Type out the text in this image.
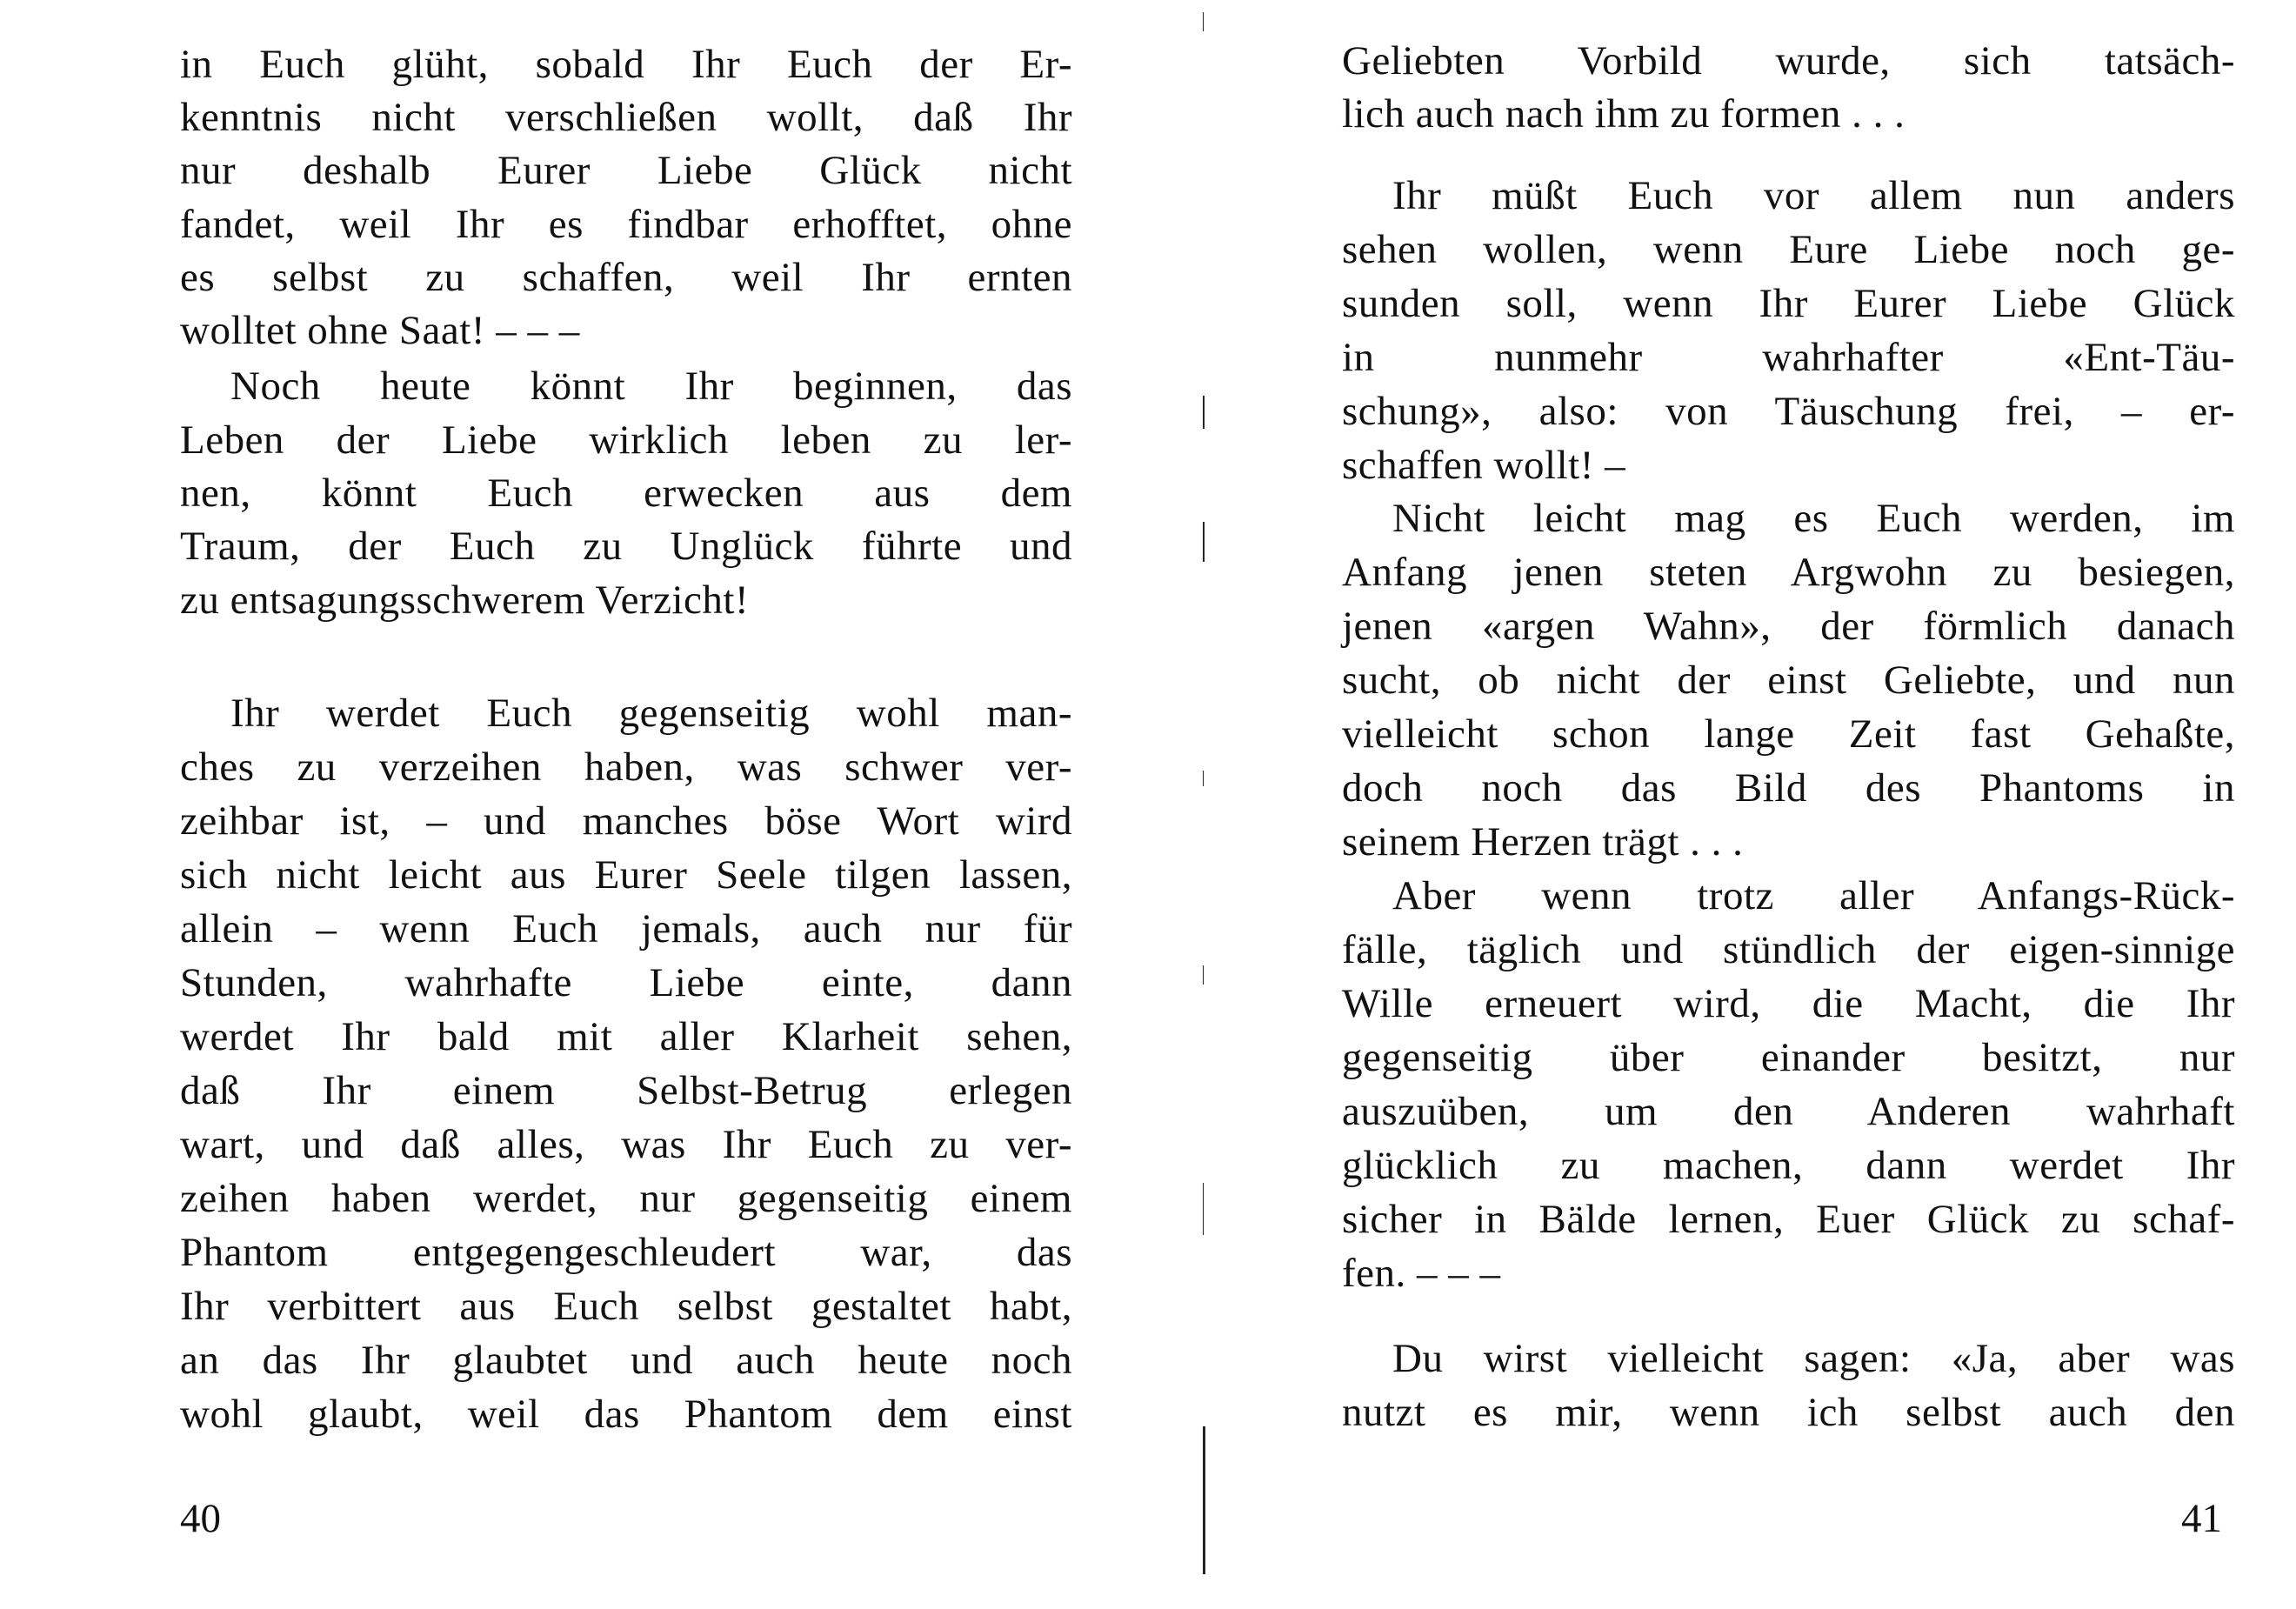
in Euch glüht, sobald Ihr Euch der Er-
kenntnis nicht verschließen wollt, daß Ihr
nur deshalb Eurer Liebe Glück nicht
fandet, weil Ihr es findbar erhofftet, ohne
es selbst zu schaffen, weil Ihr ernten
wolltet ohne Saat! – – –
Noch heute könnt Ihr beginnen, das
Leben der Liebe wirklich leben zu ler-
nen, könnt Euch erwecken aus dem
Traum, der Euch zu Unglück führte und
zu entsagungsschwerem Verzicht!
Ihr werdet Euch gegenseitig wohl man-
ches zu verzeihen haben, was schwer ver-
zeihbar ist, – und manches böse Wort wird
sich nicht leicht aus Eurer Seele tilgen lassen,
allein – wenn Euch jemals, auch nur für
Stunden, wahrhafte Liebe einte, dann
werdet Ihr bald mit aller Klarheit sehen,
daß Ihr einem Selbst-Betrug erlegen
wart, und daß alles, was Ihr Euch zu ver-
zeihen haben werdet, nur gegenseitig einem
Phantom entgegengeschleudert war, das
Ihr verbittert aus Euch selbst gestaltet habt,
an das Ihr glaubtet und auch heute noch
wohl glaubt, weil das Phantom dem einst
40
Geliebten Vorbild wurde, sich tatsäch-
lich auch nach ihm zu formen . . .
Ihr müßt Euch vor allem nun anders
sehen wollen, wenn Eure Liebe noch ge-
sunden soll, wenn Ihr Eurer Liebe Glück
in nunmehr wahrhafter «Ent-Täu-
schung», also: von Täuschung frei, – er-
schaffen wollt! –
Nicht leicht mag es Euch werden, im
Anfang jenen steten Argwohn zu besiegen,
jenen «argen Wahn», der förmlich danach
sucht, ob nicht der einst Geliebte, und nun
vielleicht schon lange Zeit fast Gehaßte,
doch noch das Bild des Phantoms in
seinem Herzen trägt . . .
Aber wenn trotz aller Anfangs-Rück-
fälle, täglich und stündlich der eigen-sinnige
Wille erneuert wird, die Macht, die Ihr
gegenseitig über einander besitzt, nur
auszuüben, um den Anderen wahrhaft
glücklich zu machen, dann werdet Ihr
sicher in Bälde lernen, Euer Glück zu schaf-
fen. – – –
Du wirst vielleicht sagen: «Ja, aber was
nutzt es mir, wenn ich selbst auch den
41
